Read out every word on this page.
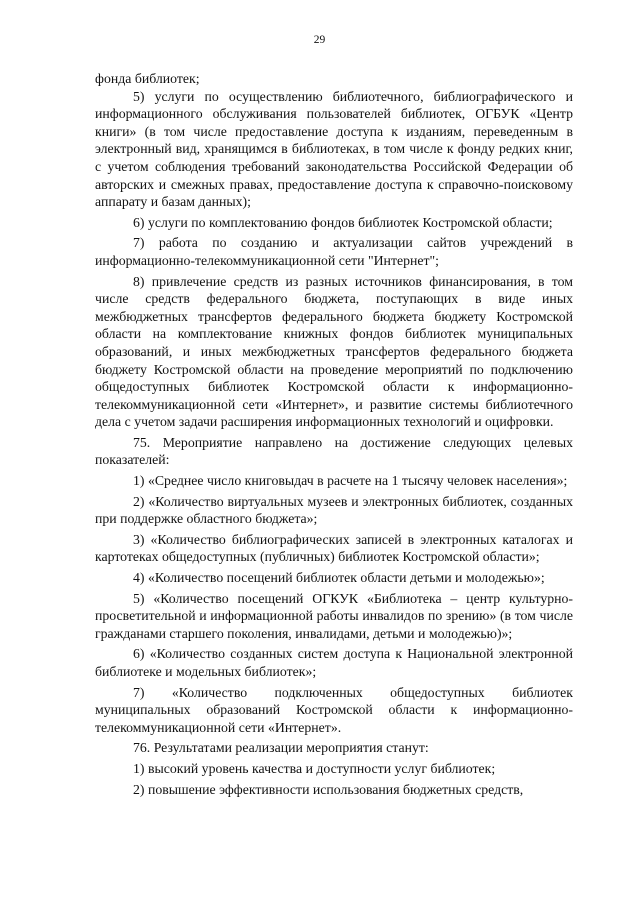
29

фонда библиотек;

5) услуги по осуществлению библиотечного, библиографического и информационного обслуживания пользователей библиотек, ОГБУК «Центр книги» (в том числе предоставление доступа к изданиям, переведенным в электронный вид, хранящимся в библиотеках, в том числе к фонду редких книг, с учетом соблюдения требований законодательства Российской Федерации об авторских и смежных правах, предоставление доступа к справочно-поисковому аппарату и базам данных);

6) услуги по комплектованию фондов библиотек Костромской области;

7) работа по созданию и актуализации сайтов учреждений в информационно-телекоммуникационной сети "Интернет";

8) привлечение средств из разных источников финансирования, в том числе средств федерального бюджета, поступающих в виде иных межбюджетных трансфертов федерального бюджета бюджету Костромской области на комплектование книжных фондов библиотек муниципальных образований, и иных межбюджетных трансфертов федерального бюджета бюджету Костромской области на проведение мероприятий по подключению общедоступных библиотек Костромской области к информационно-телекоммуникационной сети «Интернет», и развитие системы библиотечного дела с учетом задачи расширения информационных технологий и оцифровки.

75. Мероприятие направлено на достижение следующих целевых показателей:

1) «Среднее число книговыдач в расчете на 1 тысячу человек населения»;

2) «Количество виртуальных музеев и электронных библиотек, созданных при поддержке областного бюджета»;

3) «Количество библиографических записей в электронных каталогах и картотеках общедоступных (публичных) библиотек Костромской области»;

4) «Количество посещений библиотек области детьми и молодежью»;

5) «Количество посещений ОГКУК «Библиотека – центр культурно-просветительной и информационной работы инвалидов по зрению» (в том числе гражданами старшего поколения, инвалидами, детьми и молодежью)»;

6) «Количество созданных систем доступа к Национальной электронной библиотеке и модельных библиотек»;

7) «Количество подключенных общедоступных библиотек муниципальных образований Костромской области к информационно-телекоммуникационной сети «Интернет».

76. Результатами реализации мероприятия станут:

1) высокий уровень качества и доступности услуг библиотек;

2) повышение эффективности использования бюджетных средств,
